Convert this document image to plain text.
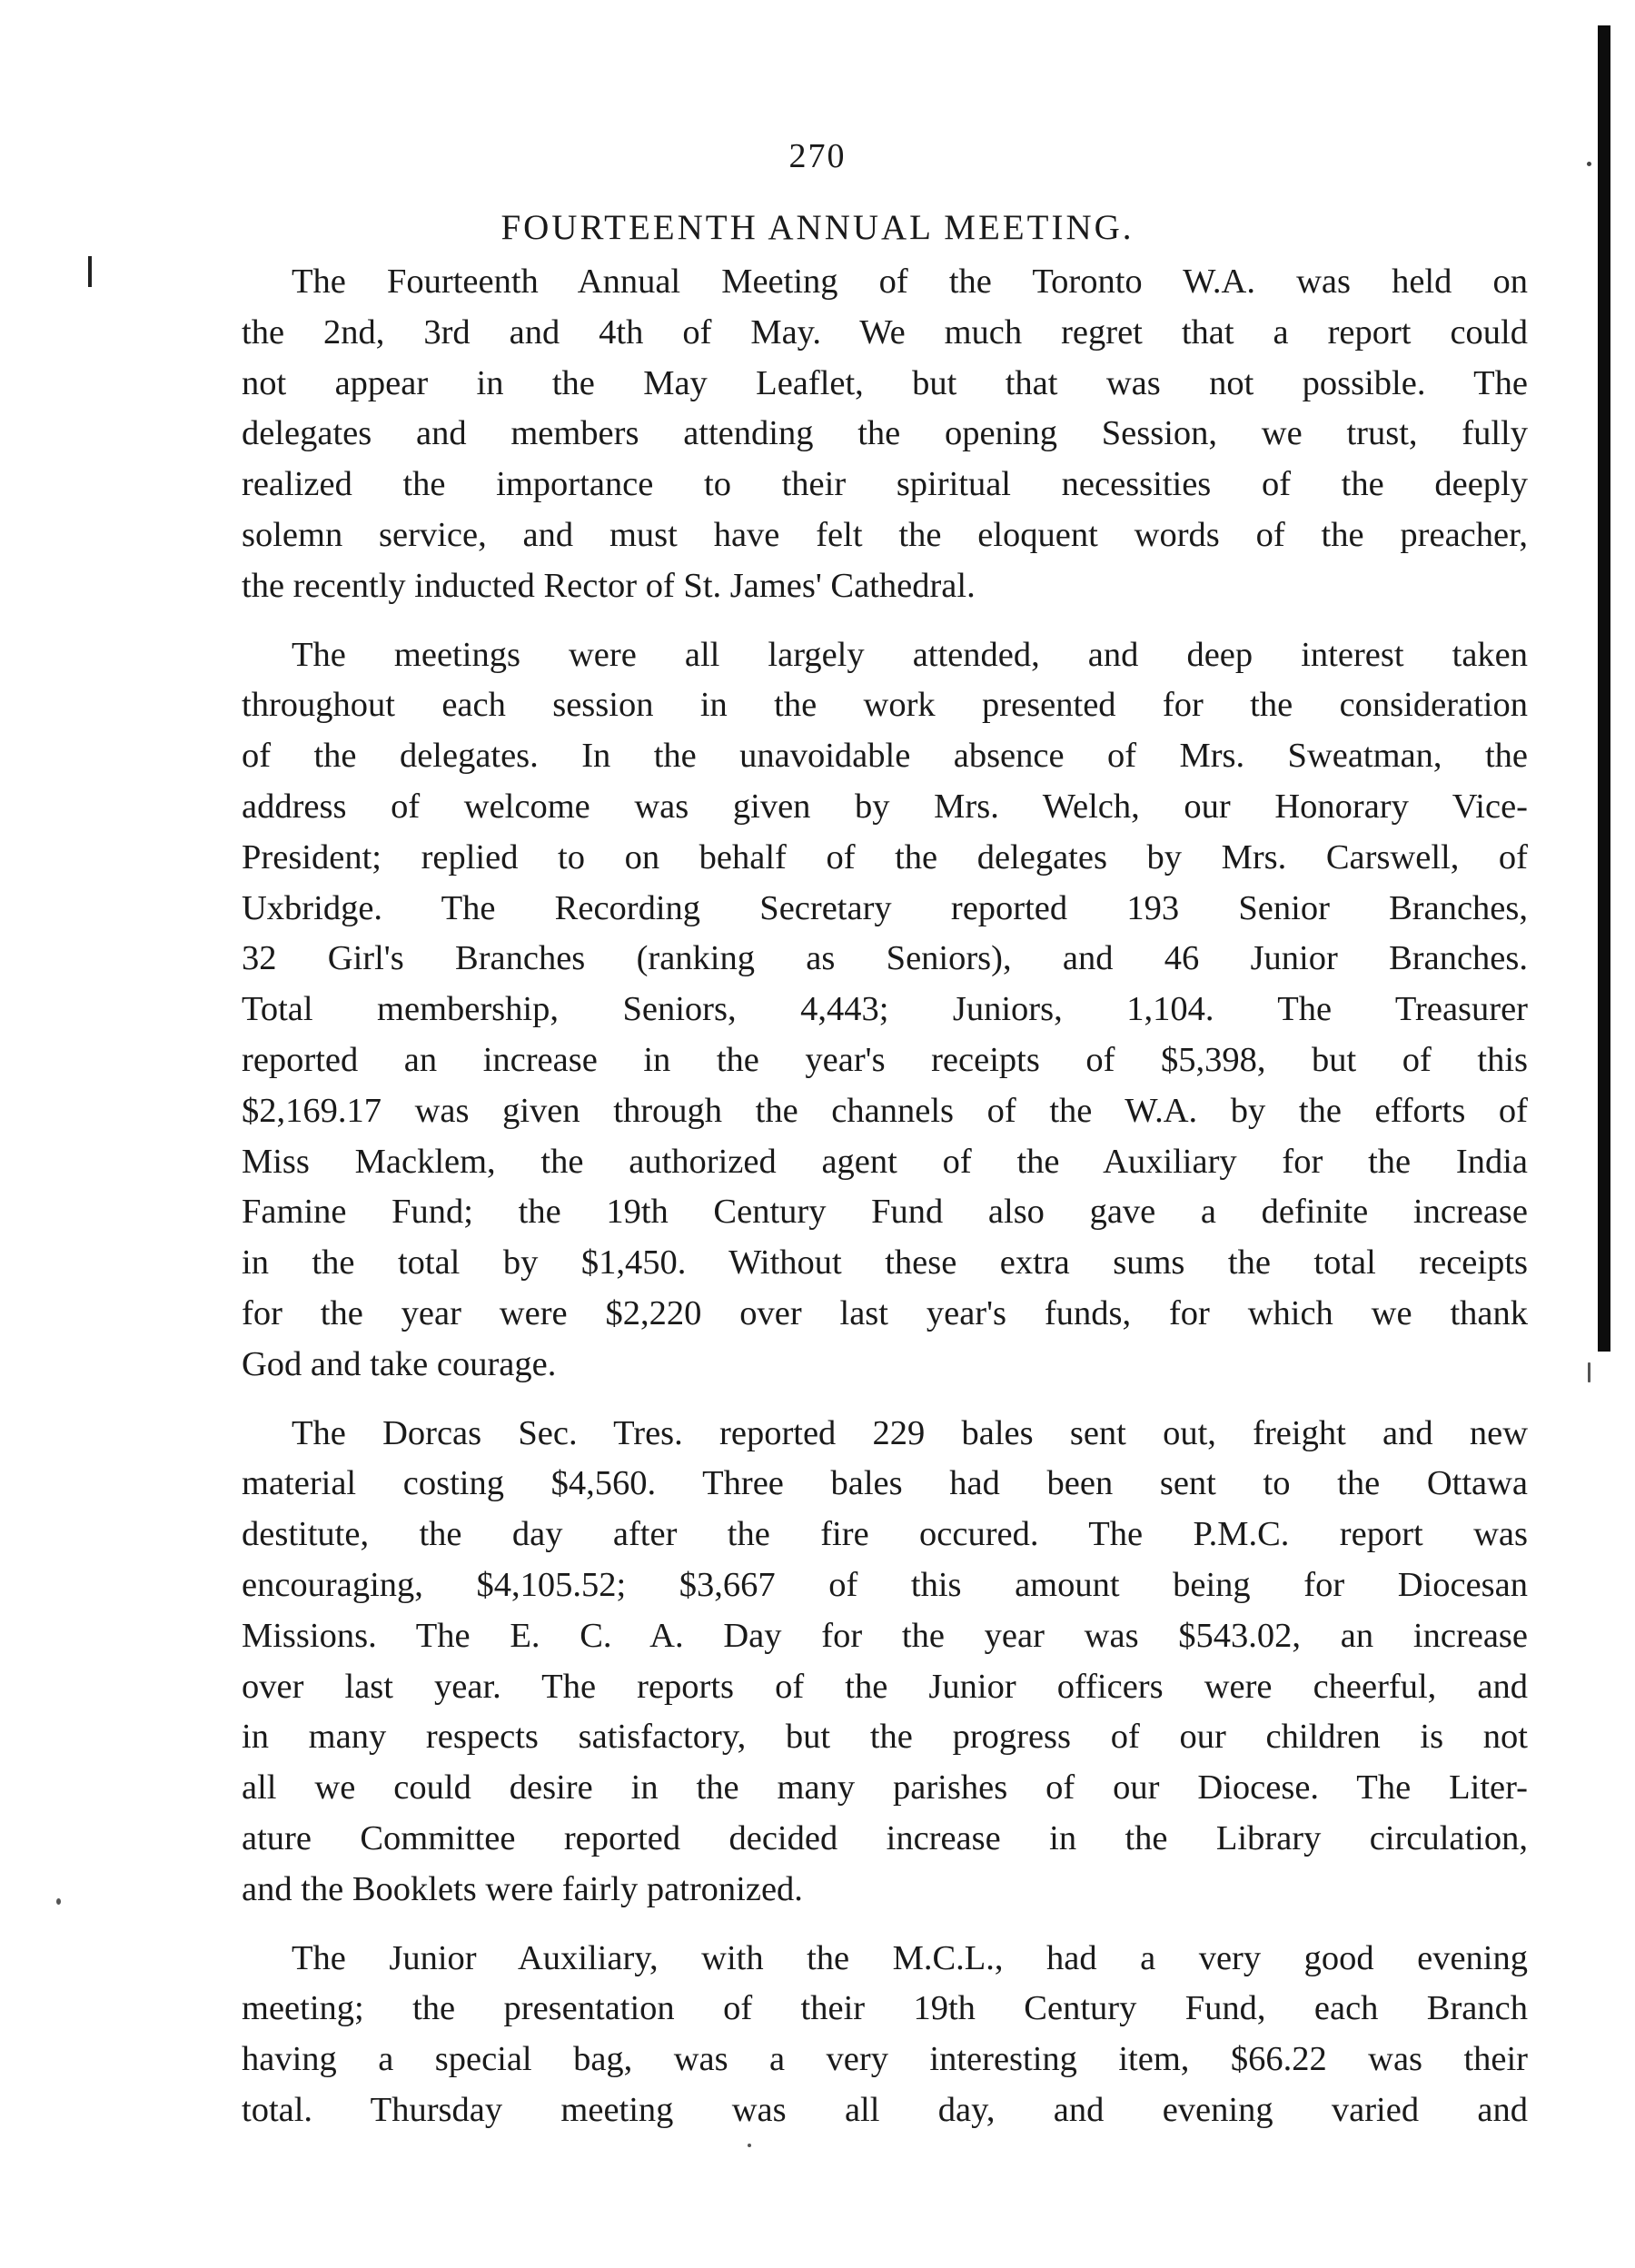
270
FOURTEENTH ANNUAL MEETING.
The Fourteenth Annual Meeting of the Toronto W.A. was held on
the 2nd, 3rd and 4th of May. We much regret that a report could
not appear in the May Leaflet, but that was not possible. The
delegates and members attending the opening Session, we trust, fully
realized the importance to their spiritual necessities of the deeply
solemn service, and must have felt the eloquent words of the preacher,
the recently inducted Rector of St. James' Cathedral.
The meetings were all largely attended, and deep interest taken
throughout each session in the work presented for the consideration
of the delegates. In the unavoidable absence of Mrs. Sweatman, the
address of welcome was given by Mrs. Welch, our Honorary Vice-
President; replied to on behalf of the delegates by Mrs. Carswell, of
Uxbridge. The Recording Secretary reported 193 Senior Branches,
32 Girl's Branches (ranking as Seniors), and 46 Junior Branches.
Total membership, Seniors, 4,443; Juniors, 1,104. The Treasurer
reported an increase in the year's receipts of $5,398, but of this
$2,169.17 was given through the channels of the W.A. by the efforts of
Miss Macklem, the authorized agent of the Auxiliary for the India
Famine Fund; the 19th Century Fund also gave a definite increase
in the total by $1,450. Without these extra sums the total receipts
for the year were $2,220 over last year's funds, for which we thank
God and take courage.
The Dorcas Sec. Tres. reported 229 bales sent out, freight and new
material costing $4,560. Three bales had been sent to the Ottawa
destitute, the day after the fire occured. The P.M.C. report was
encouraging, $4,105.52; $3,667 of this amount being for Diocesan
Missions. The E. C. A. Day for the year was $543.02, an increase
over last year. The reports of the Junior officers were cheerful, and
in many respects satisfactory, but the progress of our children is not
all we could desire in the many parishes of our Diocese. The Liter-
ature Committee reported decided increase in the Library circulation,
and the Booklets were fairly patronized.
The Junior Auxiliary, with the M.C.L., had a very good evening
meeting; the presentation of their 19th Century Fund, each Branch
having a special bag, was a very interesting item, $66.22 was their
total. Thursday meeting was all day, and evening varied and
